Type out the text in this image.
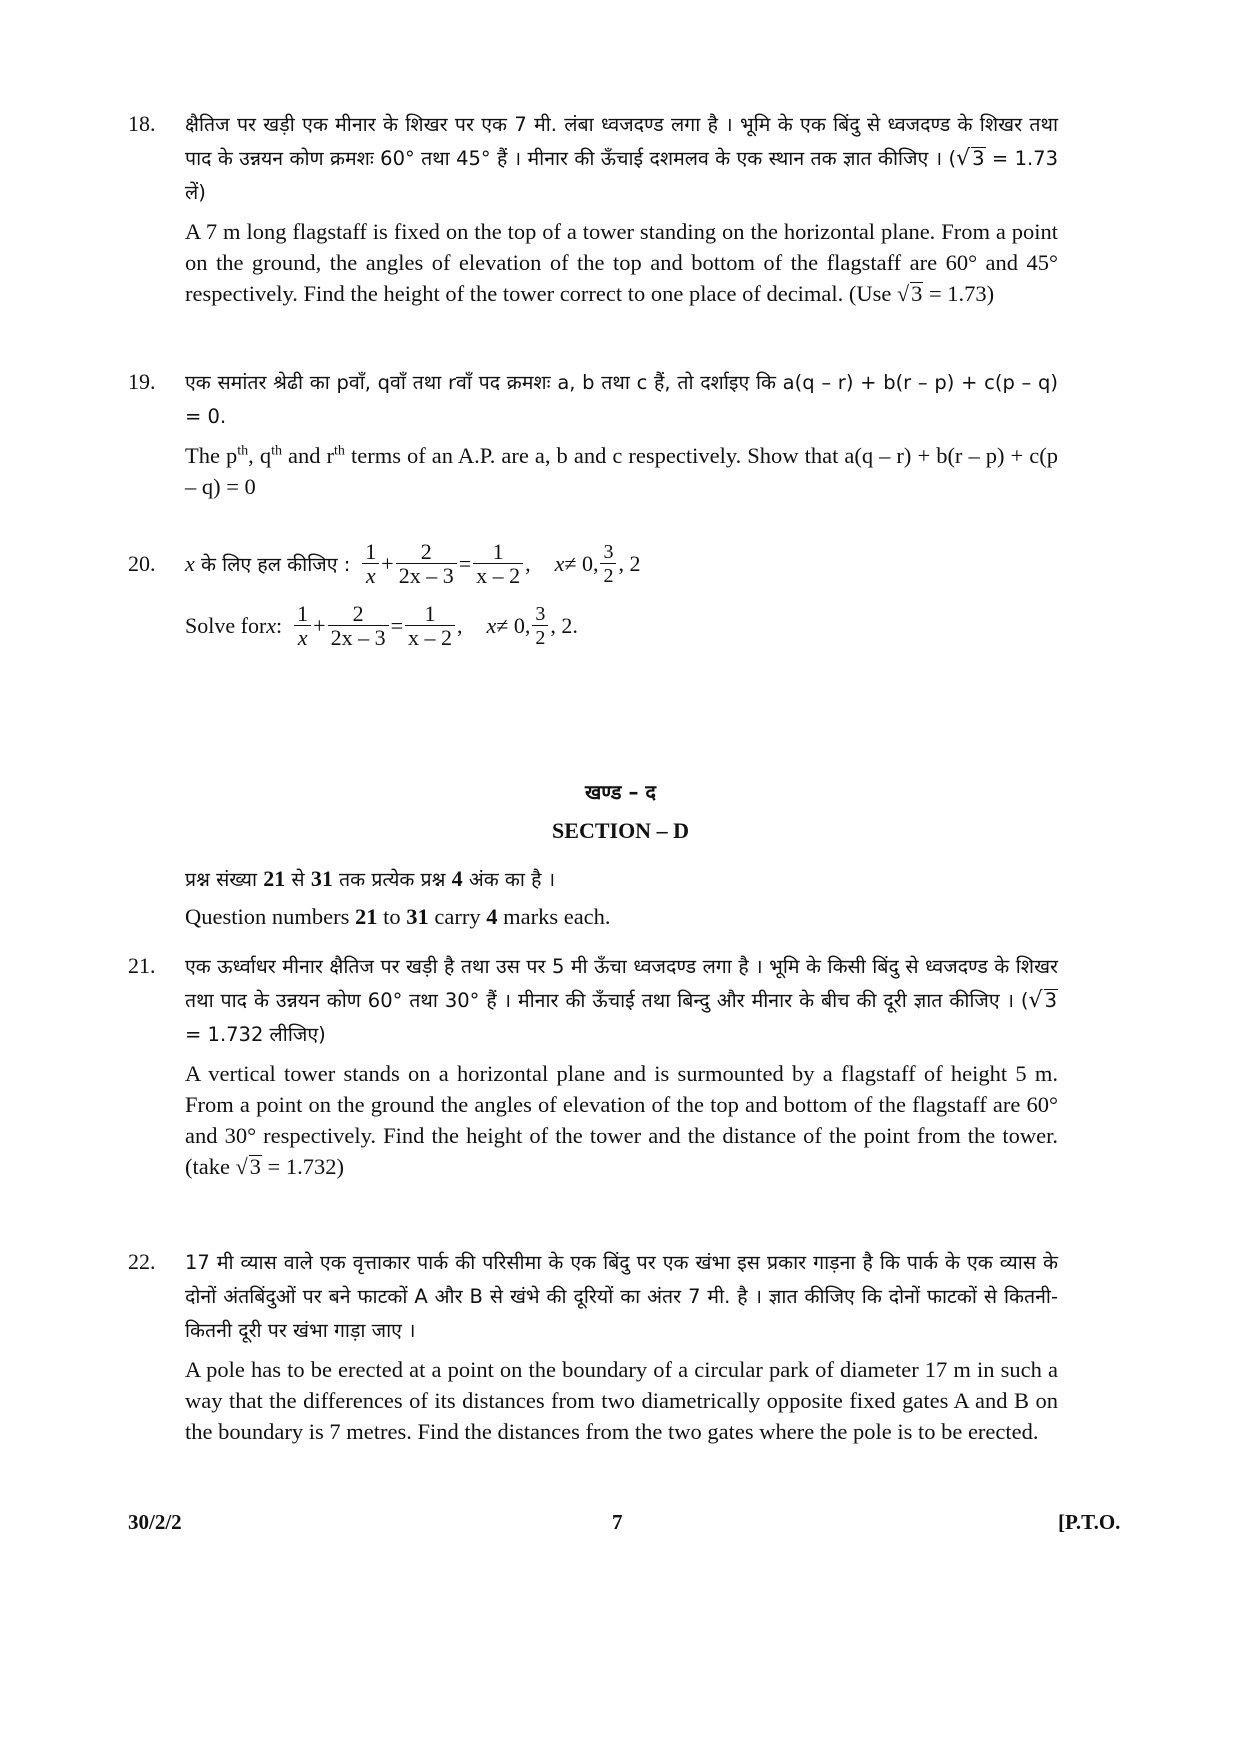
18.	क्षैतिज पर खड़ी एक मीनार के शिखर पर एक 7 मी. लंबा ध्वजदण्ड लगा है । भूमि के एक बिंदु से ध्वजदण्ड के शिखर तथा पाद के उन्नयन कोण क्रमशः 60° तथा 45° हैं । मीनार की ऊँचाई दशमलव के एक स्थान तक ज्ञात कीजिए । (√ 3 = 1.73 लें)

A 7 m long flagstaff is fixed on the top of a tower standing on the horizontal plane. From a point on the ground, the angles of elevation of the top and bottom of the flagstaff are 60° and 45° respectively. Find the height of the tower correct to one place of decimal. (Use √3 = 1.73)

19.	एक समांतर श्रेढी का pवाँ, qवाँ तथा rवाँ पद क्रमशः a, b तथा c हैं, तो दर्शाइए कि a(q – r) + b(r – p) + c(p – q) = 0.

The $p^{th}$, $q^{th}$ and $r^{th}$ terms of an A.P. are a, b and c respectively. Show that a(q – r) + b(r – p) + c(p – q) = 0

20.	x के लिए हल कीजिए : $\frac{1}{x} + \frac{2}{2x - 3} = \frac{1}{x - 2}$ , x ≠ 0, $\frac{3}{2}$ , 2
Solve for x : $\frac{1}{x} + \frac{2}{2x - 3} = \frac{1}{x - 2}$ , x ≠ 0, $\frac{3}{2}$ , 2.
खण्ड – द
SECTION – D

प्रश्न संख्या 21 से 31 तक प्रत्येक प्रश्न 4 अंक का है ।

Question numbers 21 to 31 carry 4 marks each.

21.	एक ऊर्ध्वाधर मीनार क्षैतिज पर खड़ी है तथा उस पर 5 मी ऊँचा ध्वजदण्ड लगा है । भूमि के किसी बिंदु से ध्वजदण्ड के शिखर तथा पाद के उन्नयन कोण 60° तथा 30° हैं । मीनार की ऊँचाई तथा बिन्दु और मीनार के बीच की दूरी ज्ञात कीजिए । (√ 3 = 1.732 लीजिए)

A vertical tower stands on a horizontal plane and is surmounted by a flagstaff of height 5 m. From a point on the ground the angles of elevation of the top and bottom of the flagstaff are 60° and 30° respectively. Find the height of the tower and the distance of the point from the tower. (take √3 = 1.732)

22.	17 मी व्यास वाले एक वृत्ताकार पार्क की परिसीमा के एक बिंदु पर एक खंभा इस प्रकार गाड़ना है कि पार्क के एक व्यास के दोनों अंतबिंदुओं पर बने फाटकों A और B से खंभे की दूरियों का अंतर 7 मी. है । ज्ञात कीजिए कि दोनों फाटकों से कितनी-कितनी दूरी पर खंभा गाड़ा जाए ।

A pole has to be erected at a point on the boundary of a circular park of diameter 17 m in such a way that the differences of its distances from two diametrically opposite fixed gates A and B on the boundary is 7 metres. Find the distances from the two gates where the pole is to be erected.

30/2/2	7	[P.T.O.
